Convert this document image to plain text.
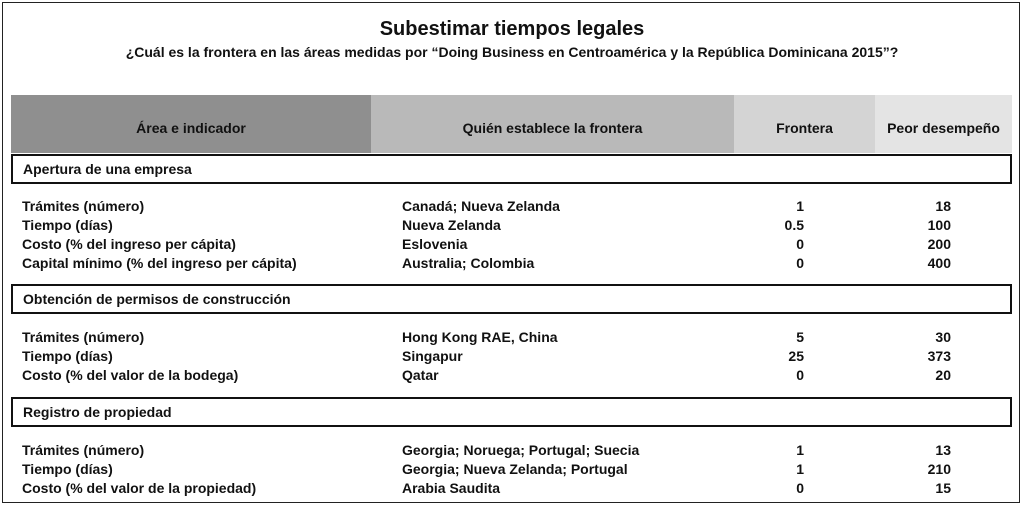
Subestimar tiempos legales
¿Cuál es la frontera en las áreas medidas por “Doing Business en Centroamérica y la República Dominicana 2015”?
Área e indicador	Quién establece la frontera	Frontera	Peor desempeño
Apertura de una empresa
Trámites (número)	Canadá; Nueva Zelanda	1	18
Tiempo (días)	Nueva Zelanda	0.5	100
Costo (% del ingreso per cápita)	Eslovenia	0	200
Capital mínimo (% del ingreso per cápita)	Australia; Colombia	0	400
Obtención de permisos de construcción
Trámites (número)	Hong Kong RAE, China	5	30
Tiempo (días)	Singapur	25	373
Costo (% del valor de la bodega)	Qatar	0	20
Registro de propiedad
Trámites (número)	Georgia; Noruega; Portugal; Suecia	1	13
Tiempo (días)	Georgia; Nueva Zelanda; Portugal	1	210
Costo (% del valor de la propiedad)	Arabia Saudita	0	15
